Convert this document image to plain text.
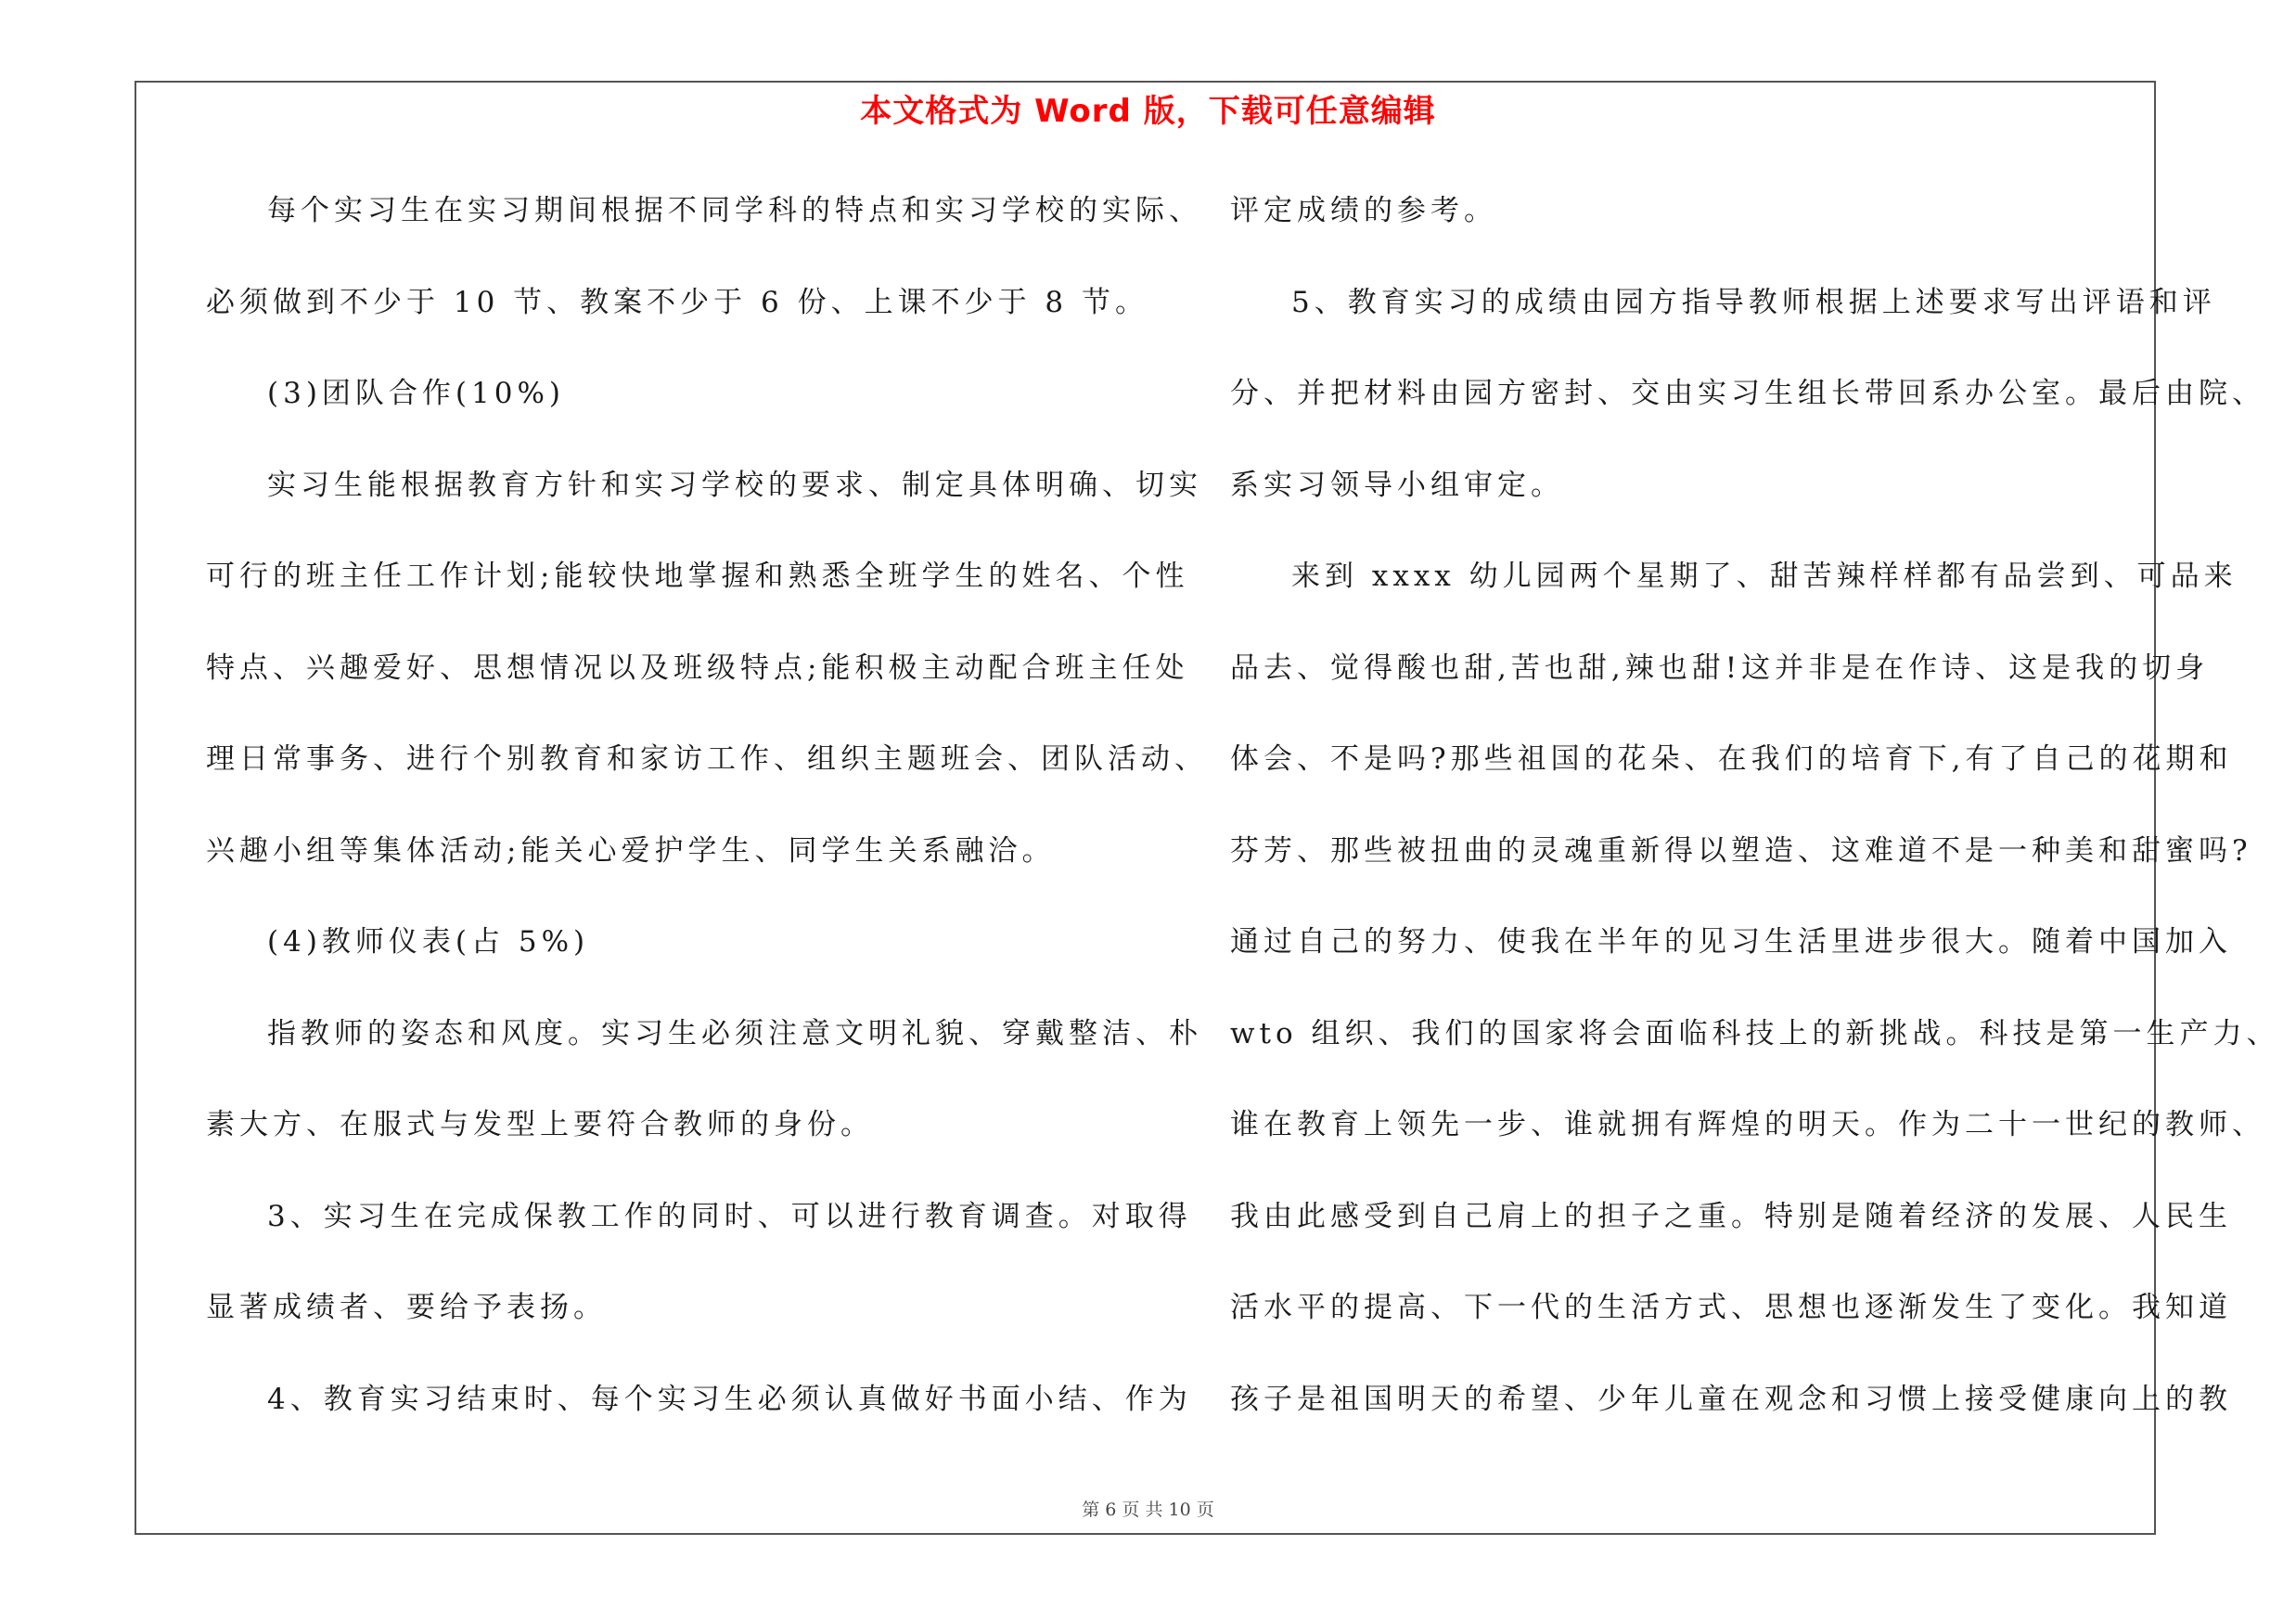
本文格式为 Word 版，下载可任意编辑

每个实习生在实习期间根据不同学科的特点和实习学校的实际、

必须做到不少于 10 节、教案不少于 6 份、上课不少于 8 节。

(3)团队合作(10%)

实习生能根据教育方针和实习学校的要求、制定具体明确、切实

可行的班主任工作计划;能较快地掌握和熟悉全班学生的姓名、个性

特点、兴趣爱好、思想情况以及班级特点;能积极主动配合班主任处

理日常事务、进行个别教育和家访工作、组织主题班会、团队活动、

兴趣小组等集体活动;能关心爱护学生、同学生关系融洽。

(4)教师仪表(占 5%)

指教师的姿态和风度。实习生必须注意文明礼貌、穿戴整洁、朴

素大方、在服式与发型上要符合教师的身份。

3、实习生在完成保教工作的同时、可以进行教育调查。对取得

显著成绩者、要给予表扬。

4、教育实习结束时、每个实习生必须认真做好书面小结、作为

评定成绩的参考。

5、教育实习的成绩由园方指导教师根据上述要求写出评语和评

分、并把材料由园方密封、交由实习生组长带回系办公室。最后由院、

系实习领导小组审定。

来到 xxxx 幼儿园两个星期了、甜苦辣样样都有品尝到、可品来

品去、觉得酸也甜,苦也甜,辣也甜!这并非是在作诗、这是我的切身

体会、不是吗?那些祖国的花朵、在我们的培育下,有了自己的花期和

芬芳、那些被扭曲的灵魂重新得以塑造、这难道不是一种美和甜蜜吗?

通过自己的努力、使我在半年的见习生活里进步很大。随着中国加入

wto 组织、我们的国家将会面临科技上的新挑战。科技是第一生产力、

谁在教育上领先一步、谁就拥有辉煌的明天。作为二十一世纪的教师、

我由此感受到自己肩上的担子之重。特别是随着经济的发展、人民生

活水平的提高、下一代的生活方式、思想也逐渐发生了变化。我知道

孩子是祖国明天的希望、少年儿童在观念和习惯上接受健康向上的教

第 6 页 共 10 页
